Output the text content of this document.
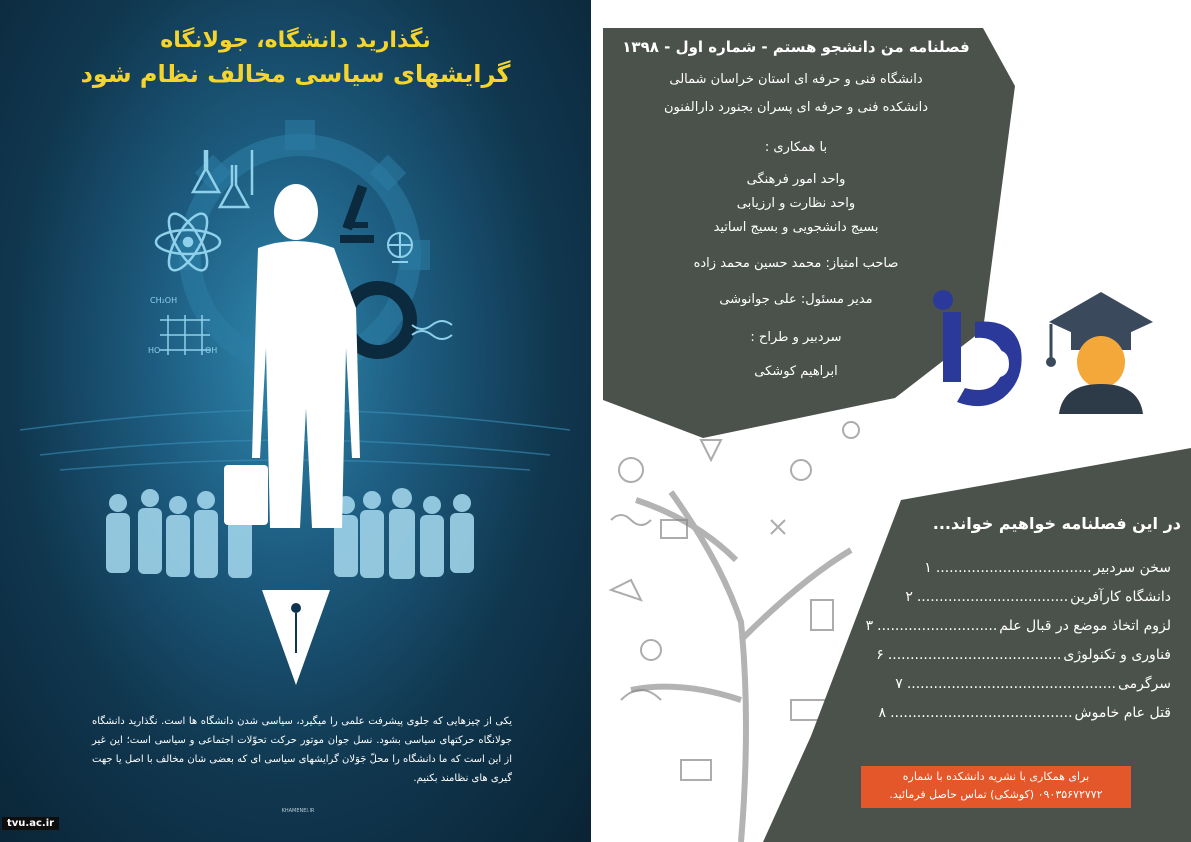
نگذارید دانشگاه، جولانگاه
گرایشهای سیاسی مخالف نظام شود
CH₂OH
HO	OH

یکی از چیزهایی که جلوی پیشرفت علمی را میگیرد، سیاسی شدن دانشگاه ها است. نگذارید دانشگاه جولانگاه حرکتهای سیاسی بشود. نسل جوان موتور حرکت تحوّلات اجتماعی و سیاسی است؛ این غیر از این است که ما دانشگاه را محلّ جَوَلان گرایشهای سیاسی ای که بعضی شان مخالف با اصل یا جهت گیری های نظامند بکنیم.

KHAMENEI.IR
tvu.ac.ir
فصلنامه من دانشجو هستم - شماره اول - ۱۳۹۸
دانشگاه فنی و حرفه ای استان خراسان شمالی
دانشکده فنی و حرفه ای پسران بجنورد دارالفنون
با همکاری :
واحد امور فرهنگی
واحد نظارت و ارزیابی
بسیج دانشجویی و بسیج اساتید
صاحب امتیاز: محمد حسین محمد زاده
مدیر مسئول: علی جوانوشی
سردبیر و طراح :
ابراهیم کوشکی
در این فصلنامه خواهیم خواند...
سخن سردبیر
...................................
۱
دانشگاه کارآفرین
..................................
۲
لزوم اتخاذ موضع در قبال علم
...........................
۳
فناوری و تکنولوژی
.......................................
۶
سرگرمی
...............................................
۷
قتل عام خاموش
.........................................
۸
برای همکاری با نشریه دانشکده با شماره
۰۹۰۳۵۶۷۲۷۷۲ (کوشکی) تماس حاصل فرمائید.
